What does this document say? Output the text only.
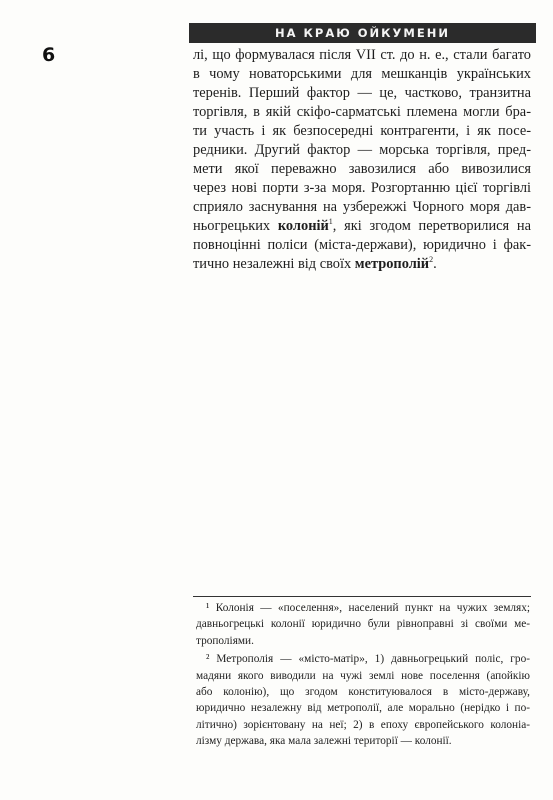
НА КРАЮ ОЙКУМЕНИ
6	лі, що формувалася після VII ст. до н. е., стали багато
в чому новаторськими для мешканців українських
теренів. Перший фактор — це, частково, транзитна
торгівля, в якій скіфо-сарматські племена могли бра-
ти участь і як безпосередні контрагенти, і як посе-
редники. Другий фактор — морська торгівля, пред-
мети якої переважно завозилися або вивозилися
через нові порти з-за моря. Розгортанню цієї торгівлі
сприяло заснування на узбережжі Чорного моря дав-
ньогрецьких колоній$^1$, які згодом перетворилися на
повноцінні поліси (міста-держави), юридично і фак-
тично незалежні від своїх метрополій$^2$.
¹ Колонія — «поселення», населений пункт на чужих землях;
давньогрецькі колонії юридично були рівноправні зі своїми ме-
трополіями.
² Метрополія — «місто-матір», 1) давньогрецький поліс, гро-
мадяни якого виводили на чужі землі нове поселення (апойкію
або колонію), що згодом конституювалося в місто-державу,
юридично незалежну від метрополії, але морально (нерідко і по-
літично) зорієнтовану на неї; 2) в епоху європейського колоніа-
лізму держава, яка мала залежні території — колонії.
